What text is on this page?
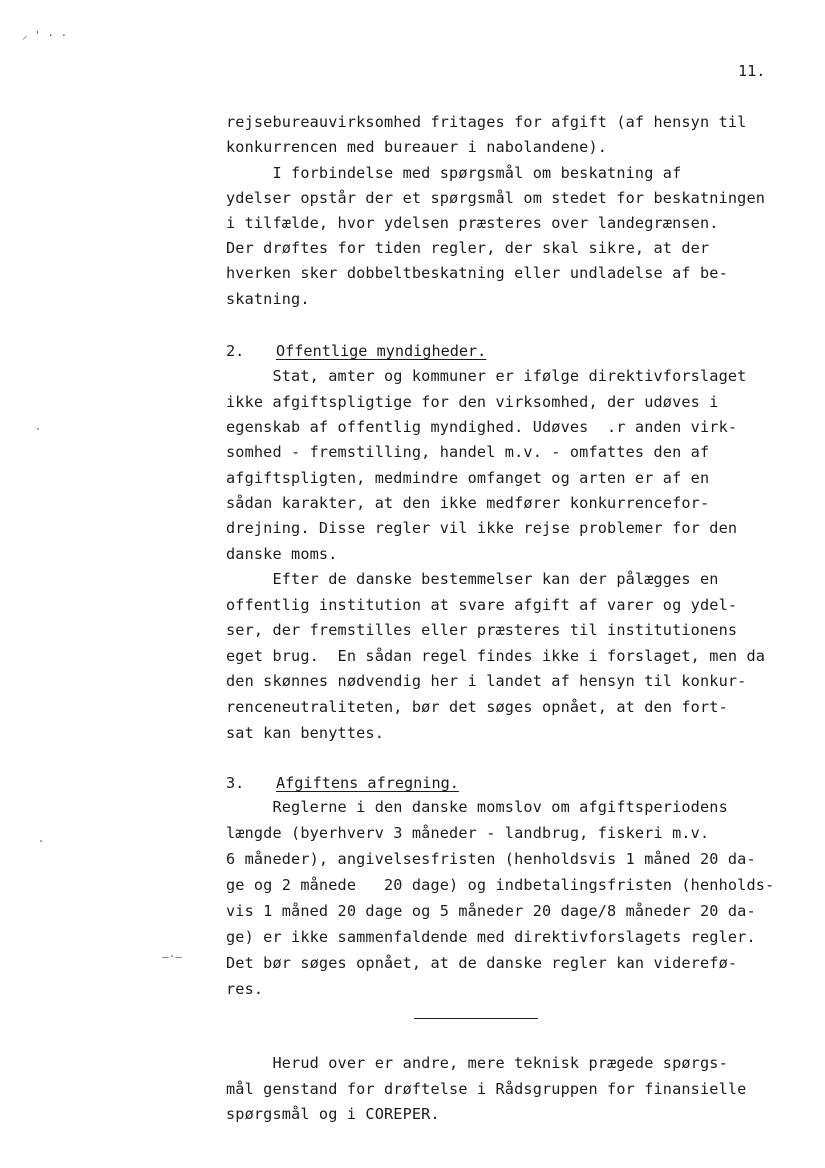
⸝ ' · ·
11.
rejsebureauvirksomhed fritages for afgift (af hensyn til
konkurrencen med bureauer i nabolandene).
I forbindelse med spørgsmål om beskatning af
ydelser opstår der et spørgsmål om stedet for beskatningen
i tilfælde, hvor ydelsen præsteres over landegrænsen.
Der drøftes for tiden regler, der skal sikre, at der
hverken sker dobbeltbeskatning eller undladelse af be-
skatning.
2. Offentlige myndigheder.
Stat, amter og kommuner er ifølge direktivforslaget
ikke afgiftspligtige for den virksomhed, der udøves i
egenskab af offentlig myndighed. Udøves  .r anden virk-
somhed - fremstilling, handel m.v. - omfattes den af
afgiftspligten, medmindre omfanget og arten er af en
sådan karakter, at den ikke medfører konkurrencefor-
drejning. Disse regler vil ikke rejse problemer for den
danske moms.
Efter de danske bestemmelser kan der pålægges en
offentlig institution at svare afgift af varer og ydel-
ser, der fremstilles eller præsteres til institutionens
eget brug.  En sådan regel findes ikke i forslaget, men da
den skønnes nødvendig her i landet af hensyn til konkur-
renceneutraliteten, bør det søges opnået, at den fort-
sat kan benyttes.
3. Afgiftens afregning.
Reglerne i den danske momslov om afgiftsperiodens
længde (byerhverv 3 måneder - landbrug, fiskeri m.v.
6 måneder), angivelsesfristen (henholdsvis 1 måned 20 da-
ge og 2 månede   20 dage) og indbetalingsfristen (henholds-
vis 1 måned 20 dage og 5 måneder 20 dage/8 måneder 20 da-
ge) er ikke sammenfaldende med direktivforslagets regler.
Det bør søges opnået, at de danske regler kan viderefø-
res.
–·–
Herud over er andre, mere teknisk prægede spørgs-
mål genstand for drøftelse i Rådsgruppen for finansielle
spørgsmål og i COREPER.
